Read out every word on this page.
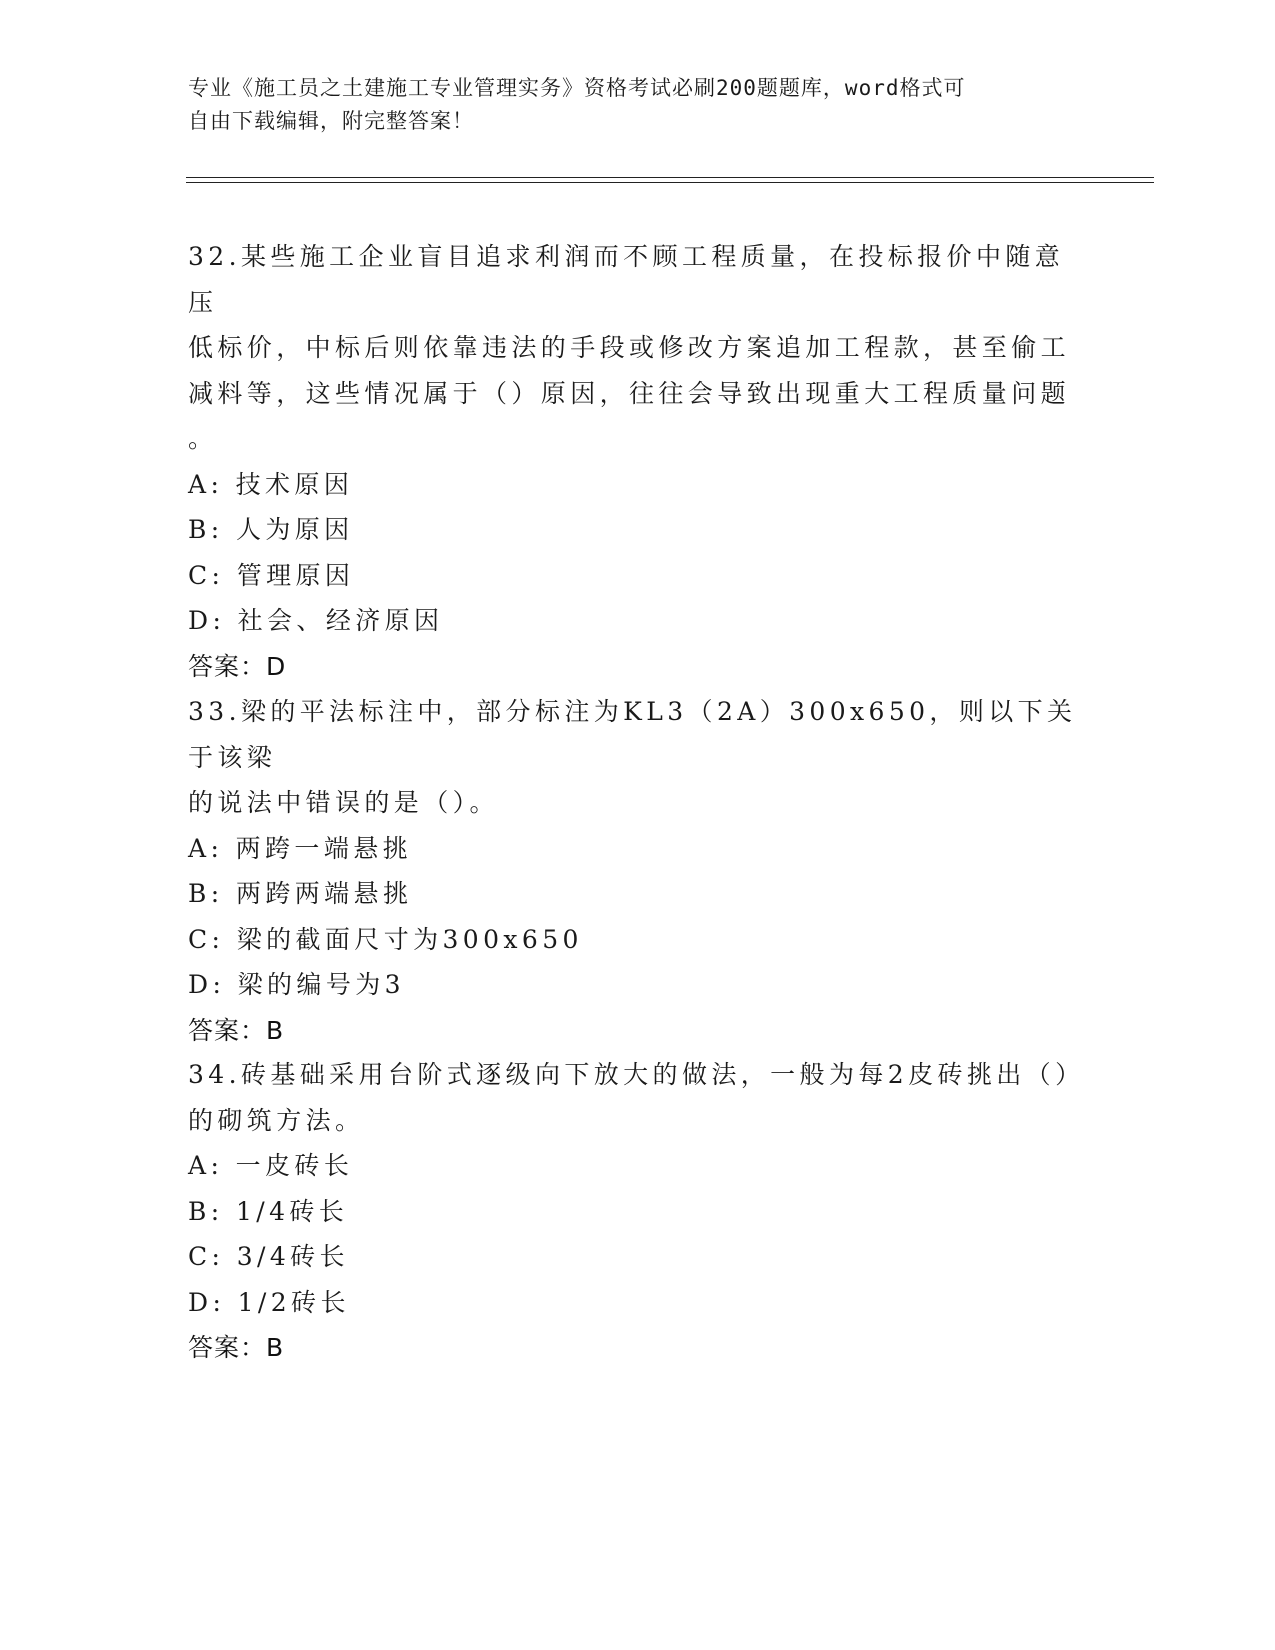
专业《施工员之土建施工专业管理实务》资格考试必刷200题题库，word格式可
自由下载编辑，附完整答案！

32.某些施工企业盲目追求利润而不顾工程质量，在投标报价中随意压

低标价，中标后则依靠违法的手段或修改方案追加工程款，甚至偷工

减料等，这些情况属于（）原因，往往会导致出现重大工程质量问题

。

A: 技术原因

B: 人为原因

C: 管理原因

D: 社会、经济原因

答案：D

33.梁的平法标注中，部分标注为KL3（2A）300x650，则以下关于该梁

的说法中错误的是（）。

A: 两跨一端悬挑

B: 两跨两端悬挑

C: 梁的截面尺寸为300x650

D: 梁的编号为3

答案：B

34.砖基础采用台阶式逐级向下放大的做法，一般为每2皮砖挑出（）

的砌筑方法。

A: 一皮砖长

B: 1/4砖长

C: 3/4砖长

D: 1/2砖长

答案：B
